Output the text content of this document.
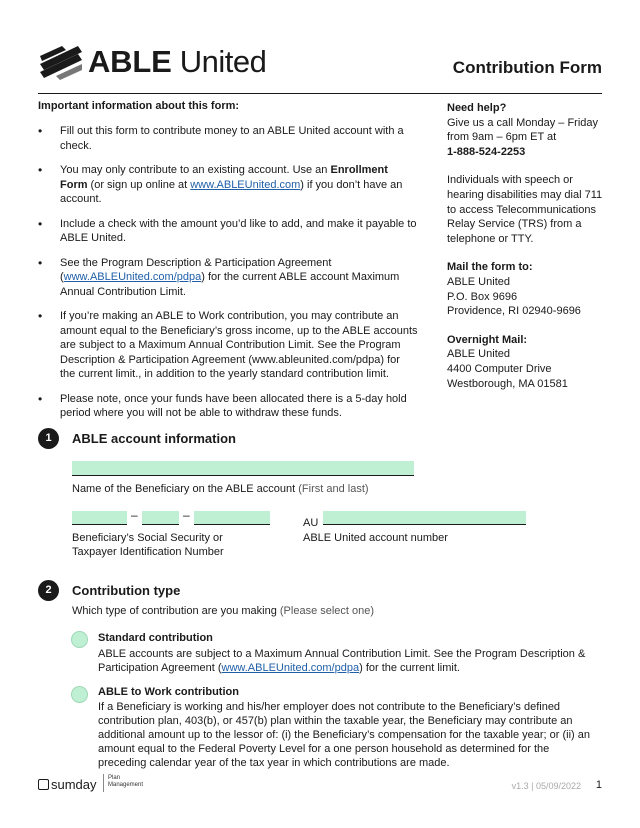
ABLE United	Contribution Form
Important information about this form:
• Fill out this form to contribute money to an ABLE United account with a check.
• You may only contribute to an existing account. Use an Enrollment Form (or sign up online at www.ABLEUnited.com) if you don’t have an account.
• Include a check with the amount you’d like to add, and make it payable to ABLE United.
• See the Program Description & Participation Agreement (www.ABLEUnited.com/pdpa) for the current ABLE account Maximum Annual Contribution Limit.
• If you’re making an ABLE to Work contribution, you may contribute an amount equal to the Beneficiary’s gross income, up to the ABLE accounts are subject to a Maximum Annual Contribution Limit. See the Program Description & Participation Agreement (www.ableunited.com/pdpa) for the current limit., in addition to the yearly standard contribution limit.
• Please note, once your funds have been allocated there is a 5-day hold period where you will not be able to withdraw these funds.

Need help?
Give us a call Monday – Friday from 9am – 6pm ET at
1-888-524-2253

Individuals with speech or hearing disabilities may dial 711 to access Telecommunications Relay Service (TRS) from a telephone or TTY.

Mail the form to:
ABLE United
P.O. Box 9696
Providence, RI 02940-9696

Overnight Mail:
ABLE United
4400 Computer Drive
Westborough, MA 01581

1	ABLE account information
Name of the Beneficiary on the ABLE account (First and last)
–	–
Beneficiary’s Social Security or
Taxpayer Identification Number
AU
ABLE United account number
2	Contribution type
Which type of contribution are you making (Please select one)
Standard contribution
ABLE accounts are subject to a Maximum Annual Contribution Limit. See the Program Description & Participation Agreement (www.ABLEUnited.com/pdpa) for the current limit.
ABLE to Work contribution
If a Beneficiary is working and his/her employer does not contribute to the Beneficiary’s defined contribution plan, 403(b), or 457(b) plan within the taxable year, the Beneficiary may contribute an additional amount up to the lessor of: (i) the Beneficiary’s compensation for the taxable year; or (ii) an amount equal to the Federal Poverty Level for a one person household as determined for the preceding calendar year of the tax year in which contributions are made.
sumday Plan
Management	v1.3 | 05/09/2022 1
